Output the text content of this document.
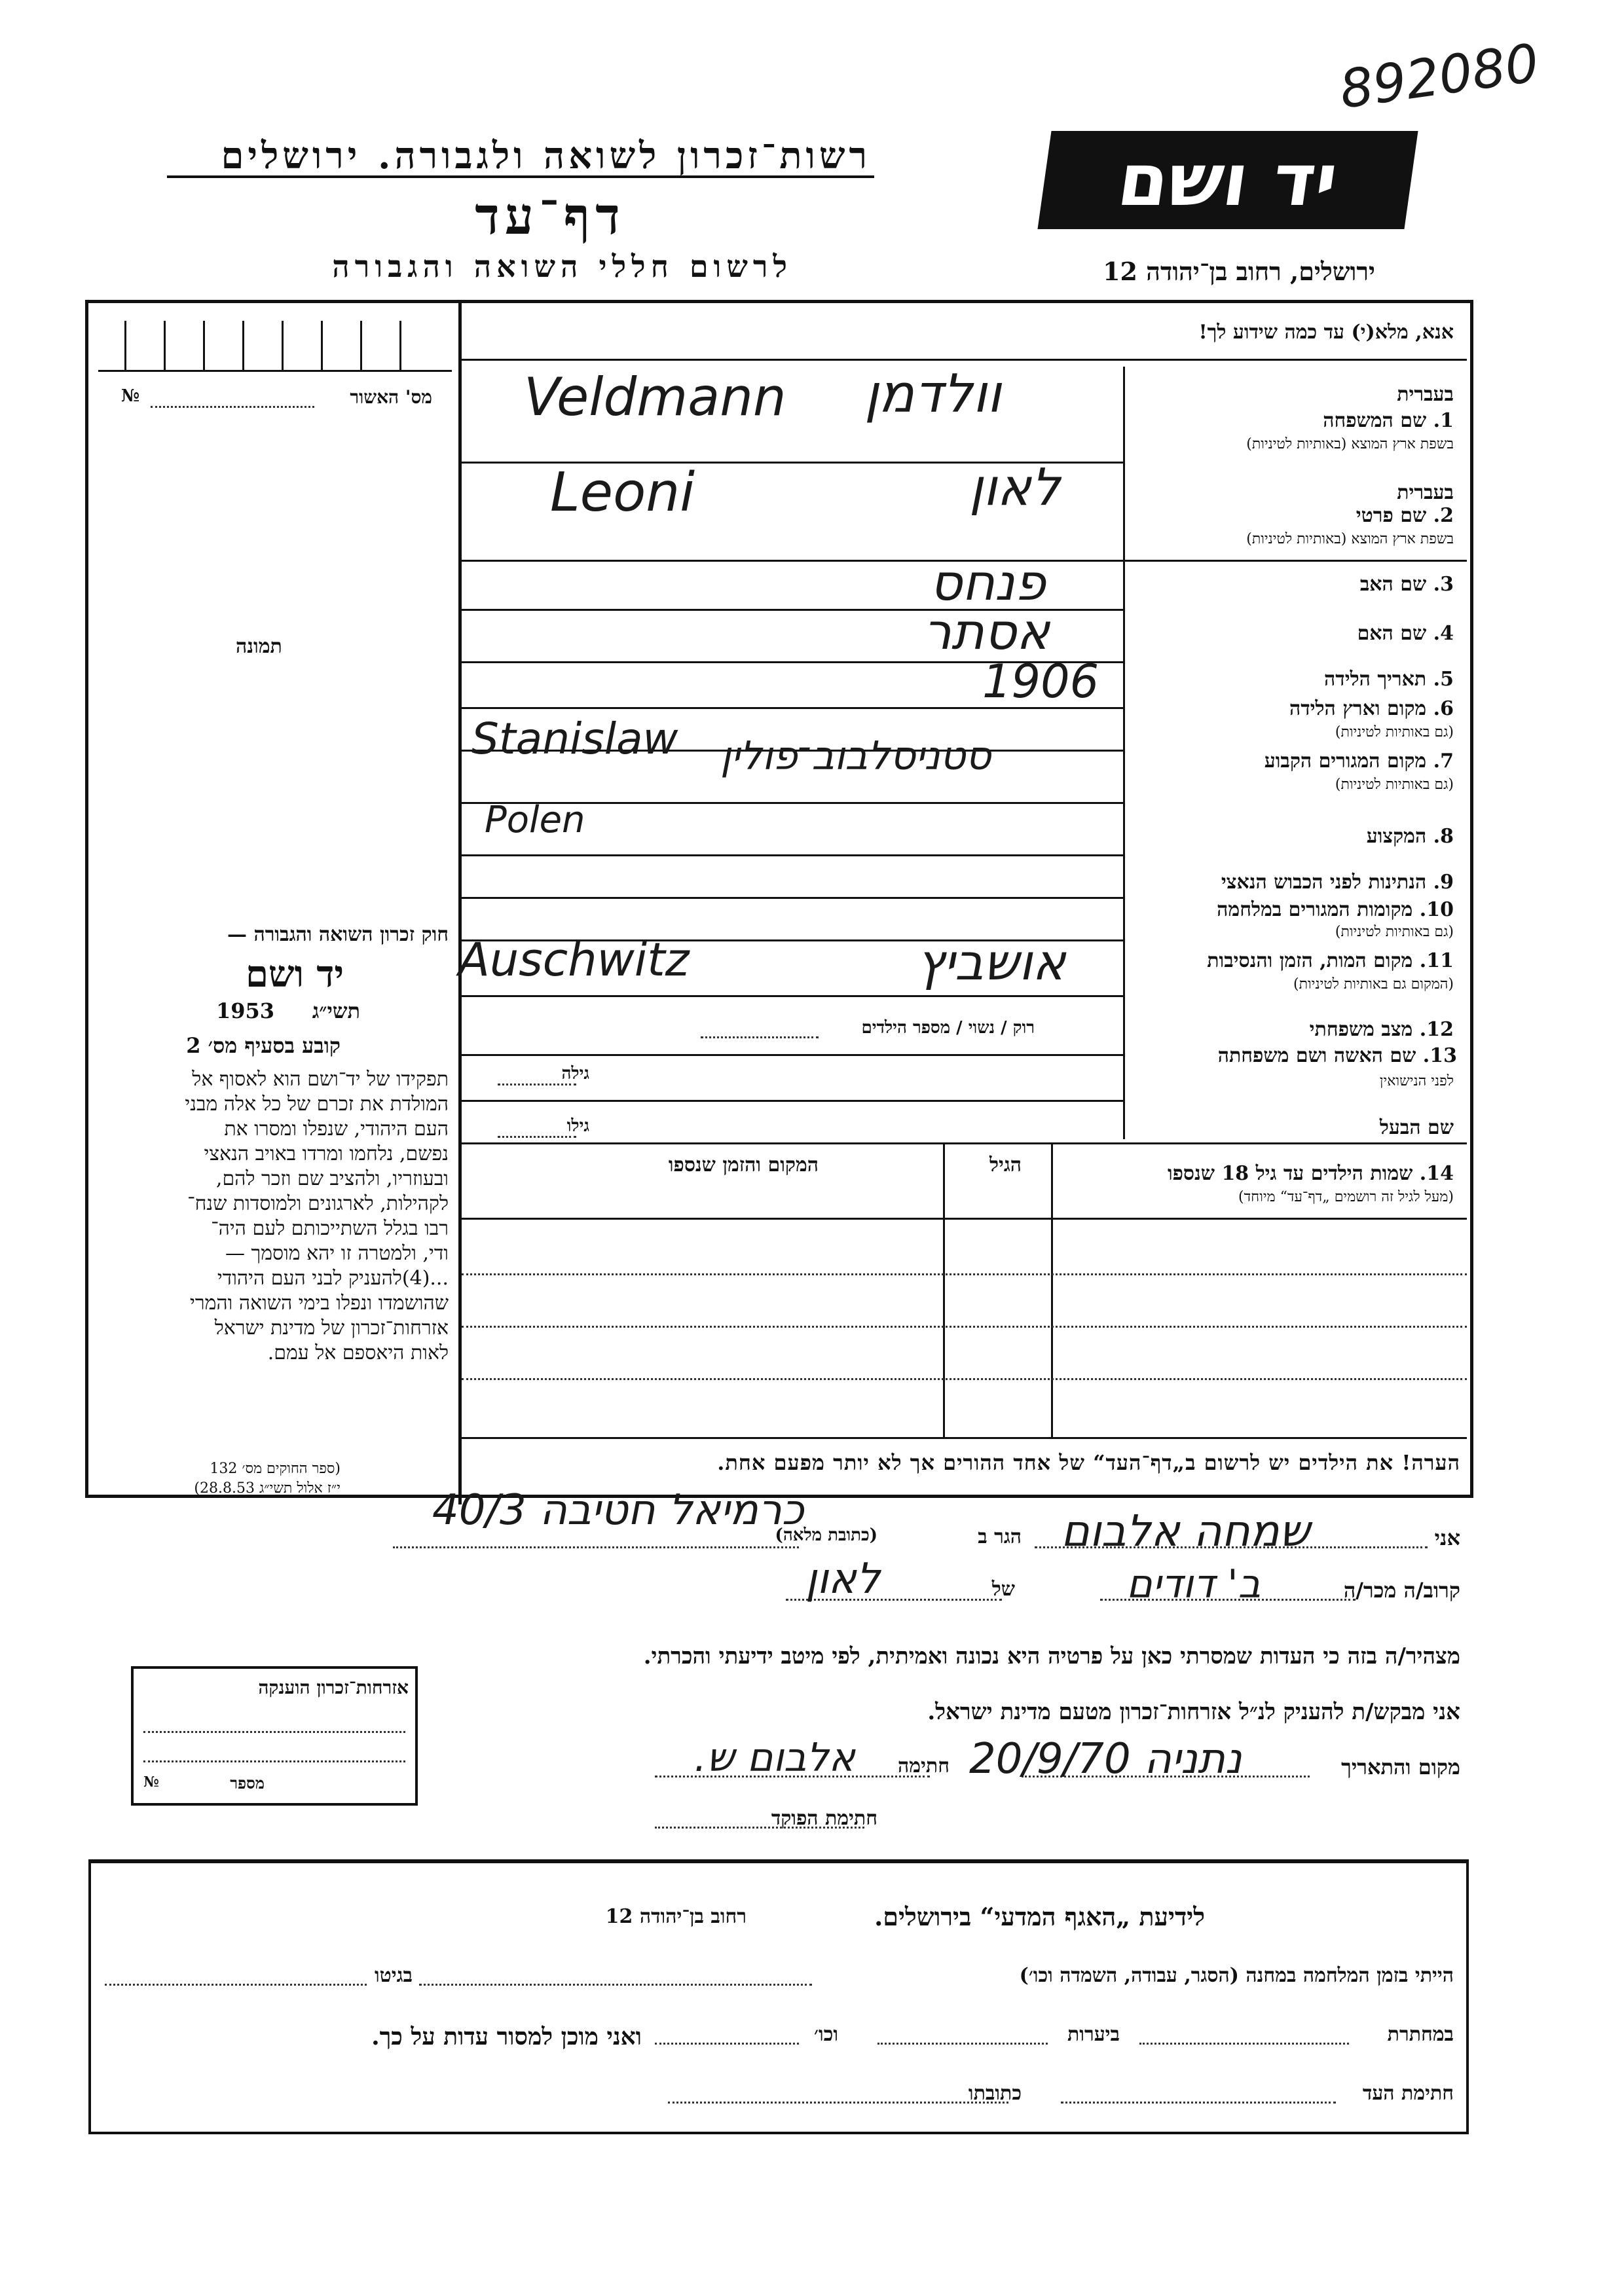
892080
יד ושם
רשות־זכרון לשואה ולגבורה. ירושלים
דף־עד
לרשום חללי השואה והגבורה	ירושלים, רחוב בן־יהודה 12
מס' האשור
№
תמונה
חוק זכרון השואה והגבורה —
יד ושם
1953 תשי״ג
קובע בסעיף מס׳ 2
תפקידו של יד־ושם הוא לאסוף אל
המולדת את זכרם של כל אלה מבני
העם היהודי, שנפלו ומסרו את
נפשם, נלחמו ומרדו באויב הנאצי
ובעוזריו, ולהציב שם וזכר להם,
לקהילות, לארגונים ולמוסדות שנח־
רבו בגלל השתייכותם לעם היה־
ודי, ולמטרה זו יהא מוסמך —
...(4)להעניק לבני העם היהודי
שהושמדו ונפלו בימי השואה והמרי
אזרחות־זכרון של מדינת ישראל
לאות היאספם אל עמם.
(ספר החוקים מס׳ 132
י״ז אלול תשי״ג 28.8.53)
אזרחות־זכרון הוענקה
מספר
№
אנא, מלא(י) עד כמה שידוע לך!
בעברית
1. שם המשפחה
בשפת ארץ המוצא (באותיות לטיניות)
בעברית
2. שם פרטי
בשפת ארץ המוצא (באותיות לטיניות)
3. שם האב
4. שם האם
5. תאריך הלידה
6. מקום וארץ הלידה
(גם באותיות לטיניות)
7. מקום המגורים הקבוע
(גם באותיות לטיניות)
8. המקצוע
9. הנתינות לפני הכבוש הנאצי
10. מקומות המגורים במלחמה
(גם באותיות לטיניות)
11. מקום המות, הזמן והנסיבות
(המקום גם באותיות לטיניות)
12. מצב משפחתי
13. שם האשה ושם משפחתה
לפני הנישואין
שם הבעל
רוק / נשוי / מספר הילדים
גילה
גילו
14. שמות הילדים עד גיל 18 שנספו
(מעל לגיל זה רושמים „דף־עד“ מיוחד)
הגיל
המקום והזמן שנספו
הערה! את הילדים יש לרשום ב„דף־העד“ של אחד ההורים אך לא יותר מפעם אחת.
אני
הגר ב
(כתובת מלאה)
קרוב/ה מכר/ה
של
מצהיר/ה בזה כי העדות שמסרתי כאן על פרטיה היא נכונה ואמיתית, לפי מיטב ידיעתי והכרתי.
אני מבקש/ת להעניק לנ״ל אזרחות־זכרון מטעם מדינת ישראל.
מקום והתאריך
חתימה
חתימת הפוקד
לידיעת „האגף המדעי“ בירושלים.
רחוב בן־יהודה 12
הייתי בזמן המלחמה במחנה (הסגר, עבודה, השמדה וכו׳)
בגיטו
במחתרת
ביערות
וכו׳
ואני מוכן למסור עדות על כך.
חתימת העד
כתובתו
וולדמן
Veldmann
לאון
Leoni
פנחס
אסתר
1906
סטניסלבוב־פולין
Stanislaw
Polen
Auschwitz	אושביץ
שמחה אלבום
כרמיאל חטיבה 40/3
ב' דודים
לאון
נתניה 20/9/70
אלבום ש.
